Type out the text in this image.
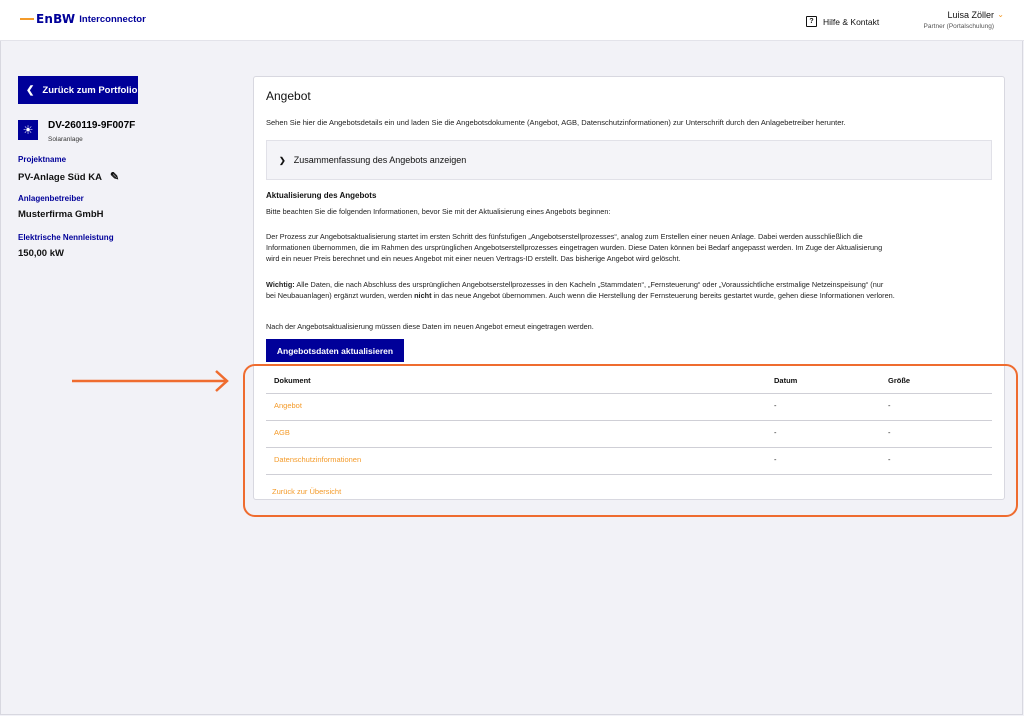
EnBW Interconnector	?	Hilfe & Kontakt
Luisa Zöller
Partner (Portalschulung)
⌄
❮ Zurück zum Portfolio
☀	DV-260119-9F007F
Solaranlage
Projektname
PV-Anlage Süd KA ✎
Anlagenbetreiber
Musterfirma GmbH
Elektrische Nennleistung
150,00 kW
Angebot
Sehen Sie hier die Angebotsdetails ein und laden Sie die Angebotsdokumente (Angebot, AGB, Datenschutzinformationen) zur Unterschrift durch den Anlagebetreiber herunter.
❯ Zusammenfassung des Angebots anzeigen
Aktualisierung des Angebots
Bitte beachten Sie die folgenden Informationen, bevor Sie mit der Aktualisierung eines Angebots beginnen:
Der Prozess zur Angebotsaktualisierung startet im ersten Schritt des fünfstufigen „Angebotserstellprozesses“, analog zum Erstellen einer neuen Anlage. Dabei werden ausschließlich die
Informationen übernommen, die im Rahmen des ursprünglichen Angebotserstellprozesses eingetragen wurden. Diese Daten können bei Bedarf angepasst werden. Im Zuge der Aktualisierung
wird ein neuer Preis berechnet und ein neues Angebot mit einer neuen Vertrags-ID erstellt. Das bisherige Angebot wird gelöscht.
Wichtig: Alle Daten, die nach Abschluss des ursprünglichen Angebotserstellprozesses in den Kacheln „Stammdaten“, „Fernsteuerung“ oder „Voraussichtliche erstmalige Netzeinspeisung“ (nur
bei Neubauanlagen) ergänzt wurden, werden nicht in das neue Angebot übernommen. Auch wenn die Herstellung der Fernsteuerung bereits gestartet wurde, gehen diese Informationen verloren.
Nach der Angebotsaktualisierung müssen diese Daten im neuen Angebot erneut eingetragen werden.
Angebotsdaten aktualisieren
Dokument	Datum	Größe
Angebot	-	-
AGB	-	-
Datenschutzinformationen	-	-
Zurück zur Übersicht
